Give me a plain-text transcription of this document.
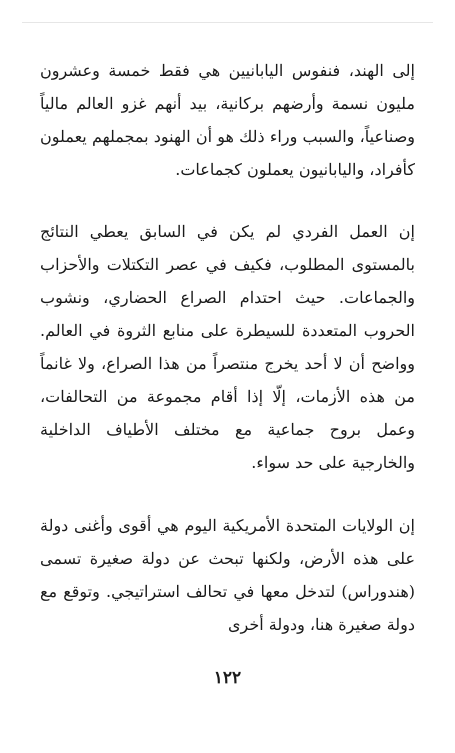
إلى الهند، فنفوس اليابانيين هي فقط خمسة وعشرون مليون نسمة وأرضهم بركانية، بيد أنهم غزو العالم مالياً وصناعياً، والسبب وراء ذلك هو أن الهنود بمجملهم يعملون كأفراد، واليابانيون يعملون كجماعات.

إن العمل الفردي لم يكن في السابق يعطي النتائج بالمستوى المطلوب، فكيف في عصر التكتلات والأحزاب والجماعات. حيث احتدام الصراع الحضاري، ونشوب الحروب المتعددة للسيطرة على منابع الثروة في العالم. وواضح أن لا أحد يخرج منتصراً من هذا الصراع، ولا غانماً من هذه الأزمات، إلّا إذا أقام مجموعة من التحالفات، وعمل بروح جماعية مع مختلف الأطياف الداخلية والخارجية على حد سواء.

إن الولايات المتحدة الأمريكية اليوم هي أقوى وأغنى دولة على هذه الأرض، ولكنها تبحث عن دولة صغيرة تسمى (هندوراس) لتدخل معها في تحالف استراتيجي. وتوقع مع دولة صغيرة هنا، ودولة أخرى

١٢٢
